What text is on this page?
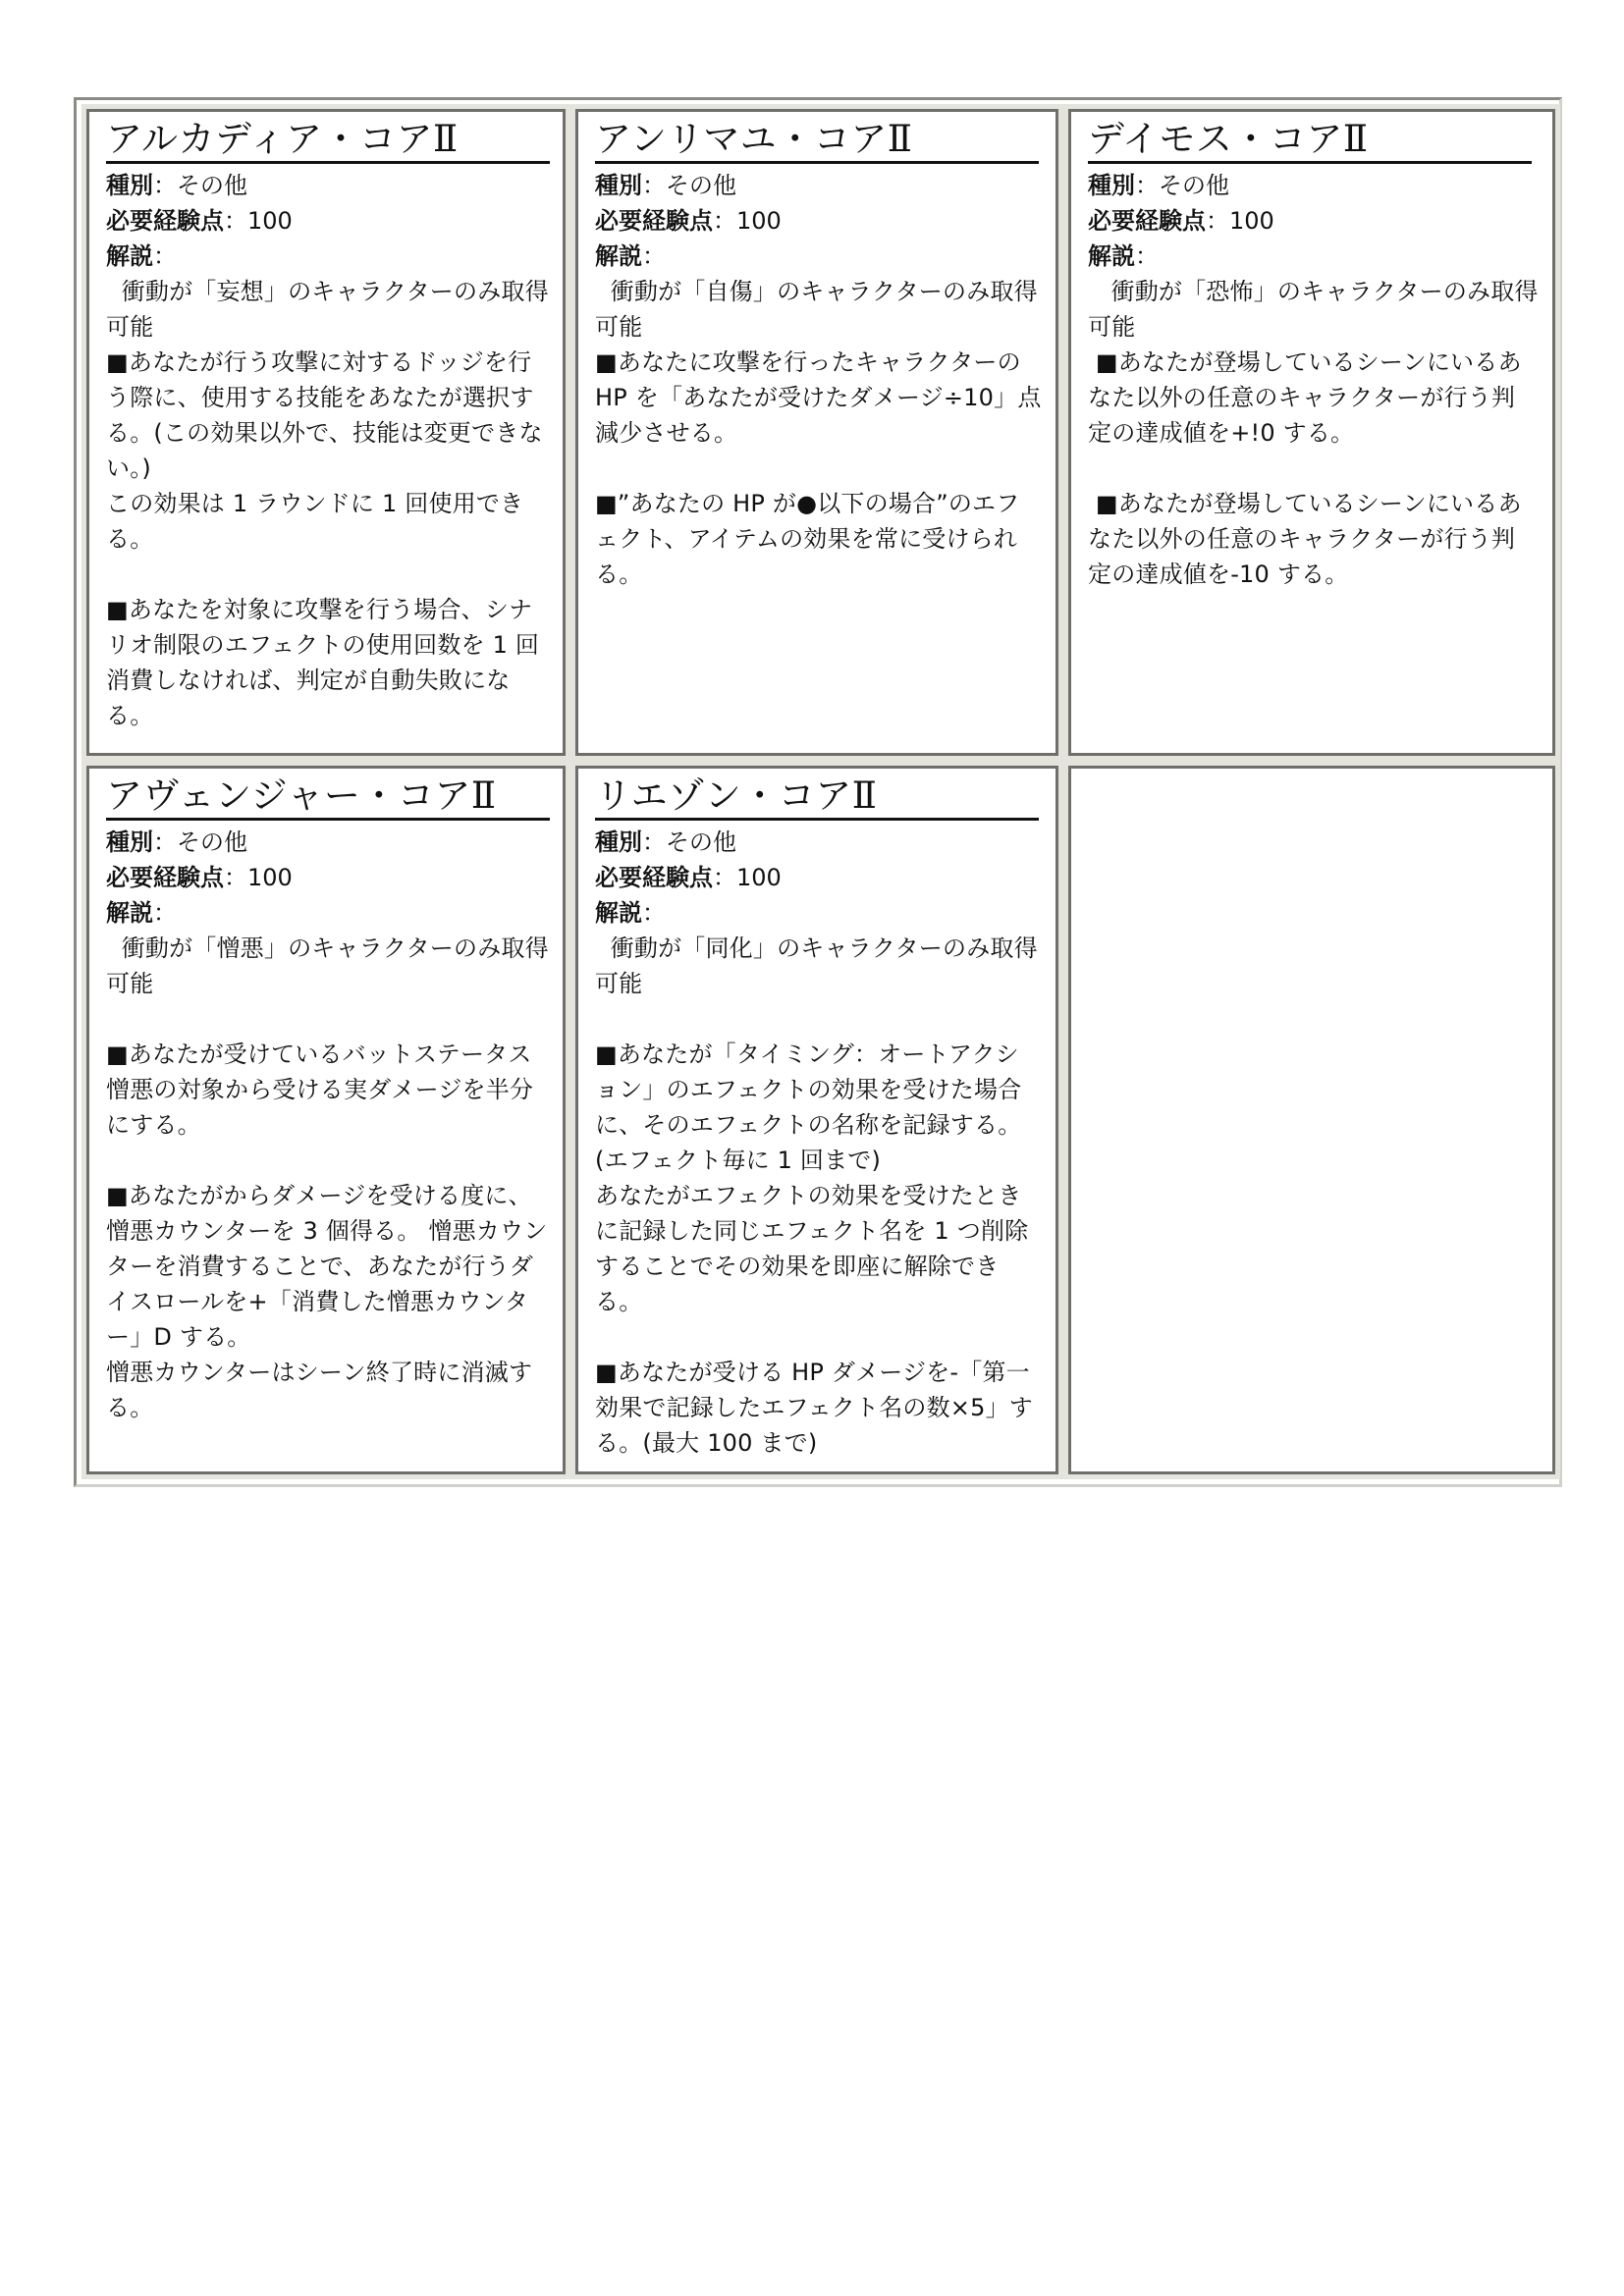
アルカディア・コアⅡ
種別：その他
必要経験点：100
解説：

衝動が「妄想」のキャラクターのみ取得可能
■あなたが行う攻撃に対するドッジを行う際に、使用する技能をあなたが選択する。(この効果以外で、技能は変更できない。)
この効果は 1 ラウンドに 1 回使用できる。

■あなたを対象に攻撃を行う場合、シナリオ制限のエフェクトの使用回数を 1 回消費しなければ、判定が自動失敗になる。

アンリマユ・コアⅡ
種別：その他
必要経験点：100
解説：

衝動が「自傷」のキャラクターのみ取得可能
■あなたに攻撃を行ったキャラクターの HP を「あなたが受けたダメージ÷10」点減少させる。

■”あなたの HP が●以下の場合”のエフェクト、アイテムの効果を常に受けられる。

デイモス・コアⅡ
種別：その他
必要経験点：100
解説：

衝動が「恐怖」のキャラクターのみ取得可能
■あなたが登場しているシーンにいるあなた以外の任意のキャラクターが行う判定の達成値を+!0 する。

■あなたが登場しているシーンにいるあなた以外の任意のキャラクターが行う判定の達成値を-10 する。

アヴェンジャー・コアⅡ
種別：その他
必要経験点：100
解説：

衝動が「憎悪」のキャラクターのみ取得可能

■あなたが受けているバットステータス憎悪の対象から受ける実ダメージを半分にする。

■あなたがからダメージを受ける度に、憎悪カウンターを 3 個得る。 憎悪カウンターを消費することで、あなたが行うダイスロールを+「消費した憎悪カウンター」D する。
憎悪カウンターはシーン終了時に消滅する。

リエゾン・コアⅡ
種別：その他
必要経験点：100
解説：

衝動が「同化」のキャラクターのみ取得可能

■あなたが「タイミング：オートアクション」のエフェクトの効果を受けた場合に、そのエフェクトの名称を記録する。(エフェクト毎に 1 回まで)
あなたがエフェクトの効果を受けたときに記録した同じエフェクト名を 1 つ削除することでその効果を即座に解除できる。

■あなたが受ける HP ダメージを-「第一効果で記録したエフェクト名の数×5」する。(最大 100 まで)
